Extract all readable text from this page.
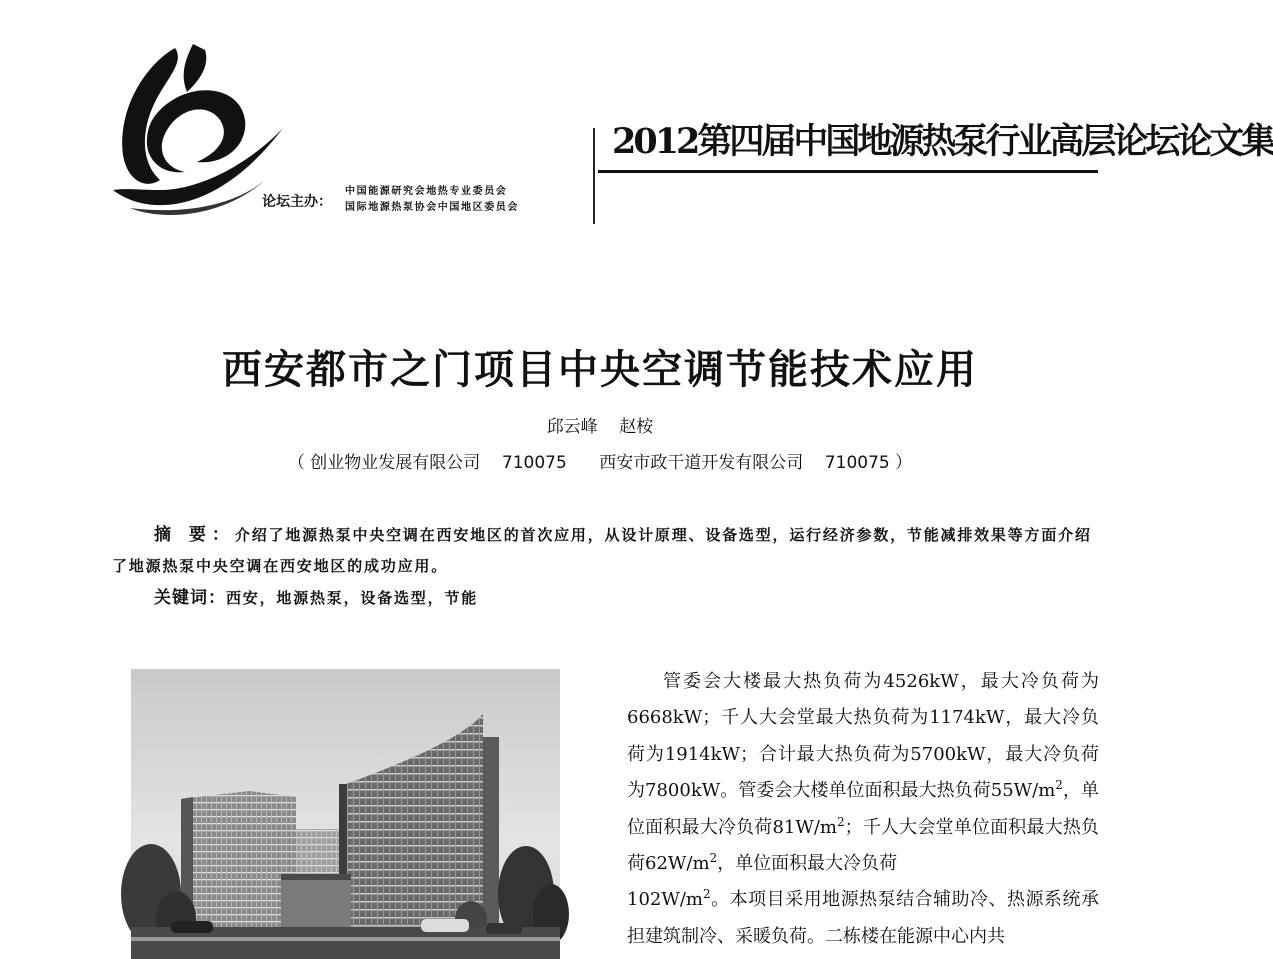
2012第四届中国地源热泵行业高层论坛论文集
论坛主办：
中国能源研究会地热专业委员会
国际地源热泵协会中国地区委员会
西安都市之门项目中央空调节能技术应用
邱云峰    赵桉
（ 创业物业发展有限公司    710075      西安市政干道开发有限公司    710075 ）
摘 要：介绍了地源热泵中央空调在西安地区的首次应用，从设计原理、设备选型，运行经济参数，节能减排效果等方面介绍了地源热泵中央空调在西安地区的成功应用。
关键词：西安，地源热泵，设备选型，节能

管委会大楼最大热负荷为4526kW，最大冷负荷为6668kW；千人大会堂最大热负荷为1174kW，最大冷负荷为1914kW；合计最大热负荷为5700kW，最大冷负荷为7800kW。管委会大楼单位面积最大热负荷$55W/m^2$，单位面积最大冷负荷$81W/m^2$；千人大会堂单位面积最大热负荷$62W/m^2$，单位面积最大冷负荷
$102W/m^2$。本项目采用地源热泵结合辅助冷、热源系统承担建筑制冷、采暖负荷。二栋楼在能源中心内共
